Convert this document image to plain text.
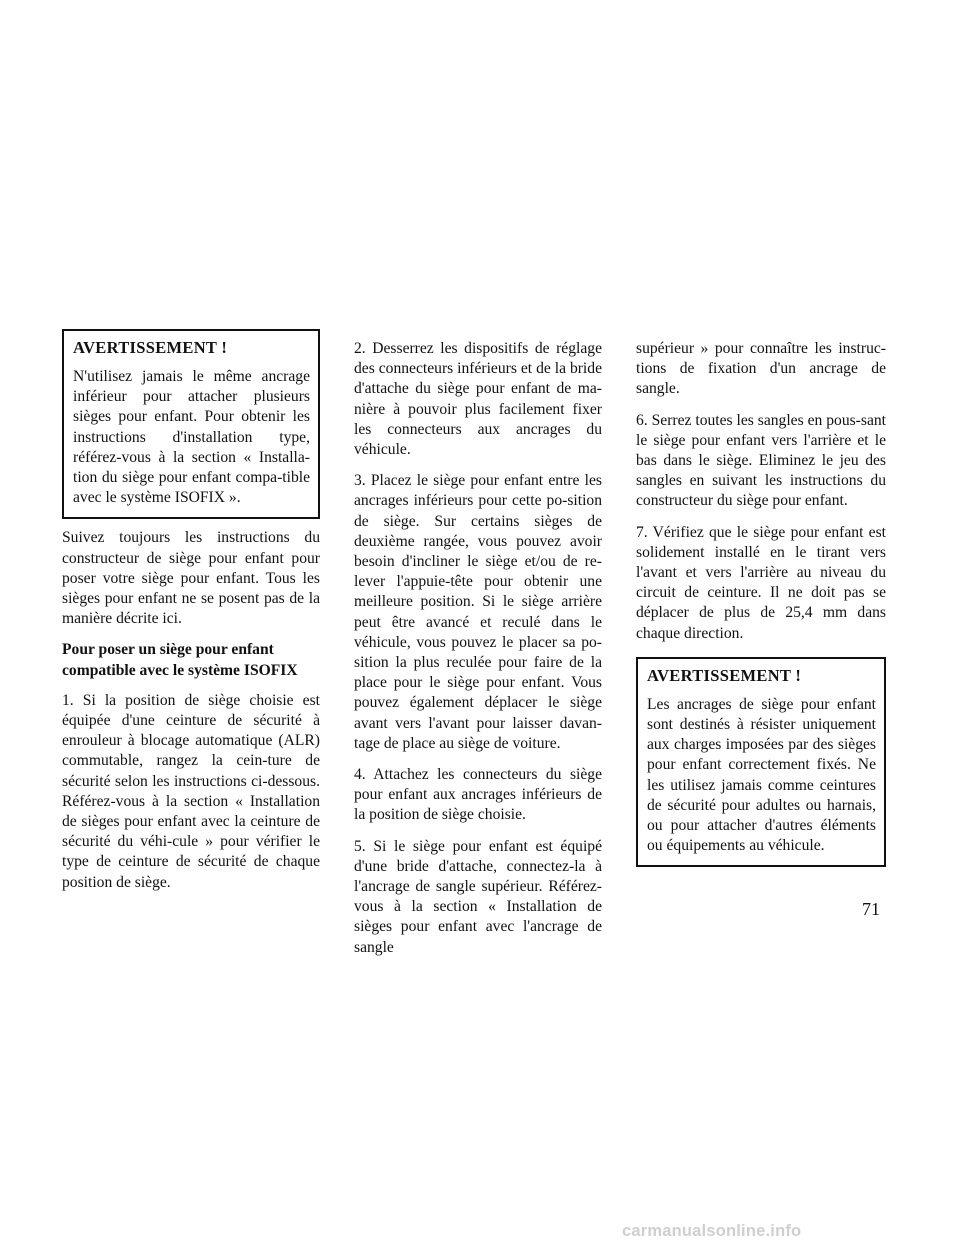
AVERTISSEMENT !

N'utilisez jamais le même ancrage inférieur pour attacher plusieurs sièges pour enfant. Pour obtenir les instructions d'installation type, référez-vous à la section « Installa-tion du siège pour enfant compa-tible avec le système ISOFIX ».

Suivez toujours les instructions du constructeur de siège pour enfant pour poser votre siège pour enfant. Tous les sièges pour enfant ne se posent pas de la manière décrite ici.

Pour poser un siège pour enfant compatible avec le système ISOFIX

1. Si la position de siège choisie est équipée d'une ceinture de sécurité à enrouleur à blocage automatique (ALR) commutable, rangez la cein-ture de sécurité selon les instructions ci-dessous. Référez-vous à la section « Installation de sièges pour enfant avec la ceinture de sécurité du véhi-cule » pour vérifier le type de ceinture de sécurité de chaque position de siège.

2. Desserrez les dispositifs de réglage des connecteurs inférieurs et de la bride d'attache du siège pour enfant de ma-nière à pouvoir plus facilement fixer les connecteurs aux ancrages du véhicule.

3. Placez le siège pour enfant entre les ancrages inférieurs pour cette po-sition de siège. Sur certains sièges de deuxième rangée, vous pouvez avoir besoin d'incliner le siège et/ou de re-lever l'appuie-tête pour obtenir une meilleure position. Si le siège arrière peut être avancé et reculé dans le véhicule, vous pouvez le placer sa po-sition la plus reculée pour faire de la place pour le siège pour enfant. Vous pouvez également déplacer le siège avant vers l'avant pour laisser davan-tage de place au siège de voiture.

4. Attachez les connecteurs du siège pour enfant aux ancrages inférieurs de la position de siège choisie.

5. Si le siège pour enfant est équipé d'une bride d'attache, connectez-la à l'ancrage de sangle supérieur. Référez-vous à la section « Installation de sièges pour enfant avec l'ancrage de sangle

supérieur » pour connaître les instruc-tions de fixation d'un ancrage de sangle.

6. Serrez toutes les sangles en pous-sant le siège pour enfant vers l'arrière et le bas dans le siège. Eliminez le jeu des sangles en suivant les instructions du constructeur du siège pour enfant.

7. Vérifiez que le siège pour enfant est solidement installé en le tirant vers l'avant et vers l'arrière au niveau du circuit de ceinture. Il ne doit pas se déplacer de plus de 25,4 mm dans chaque direction.

AVERTISSEMENT !

Les ancrages de siège pour enfant sont destinés à résister uniquement aux charges imposées par des sièges pour enfant correctement fixés. Ne les utilisez jamais comme ceintures de sécurité pour adultes ou harnais, ou pour attacher d'autres éléments ou équipements au véhicule.

71
carmanualsonline.info
